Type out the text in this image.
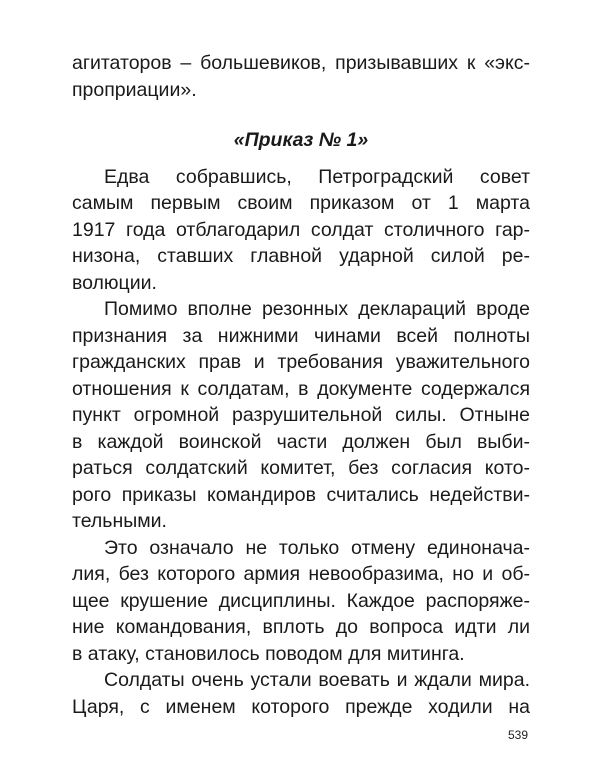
агитаторов – большевиков, призывавших к «экс-
проприации».
«Приказ № 1»
Едва собравшись, Петроградский совет
самым первым своим приказом от 1 марта
1917 года отблагодарил солдат столичного гар-
низона, ставших главной ударной силой ре-
волюции.
Помимо вполне резонных деклараций вроде
признания за нижними чинами всей полноты
гражданских прав и требования уважительного
отношения к солдатам, в документе содержался
пункт огромной разрушительной силы. Отныне
в каждой воинской части должен был выби-
раться солдатский комитет, без согласия кото-
рого приказы командиров считались недействи-
тельными.
Это означало не только отмену единонача-
лия, без которого армия невообразима, но и об-
щее крушение дисциплины. Каждое распоряже-
ние командования, вплоть до вопроса идти ли
в атаку, становилось поводом для митинга.
Солдаты очень устали воевать и ждали мира.
Царя, с именем которого прежде ходили на
539
